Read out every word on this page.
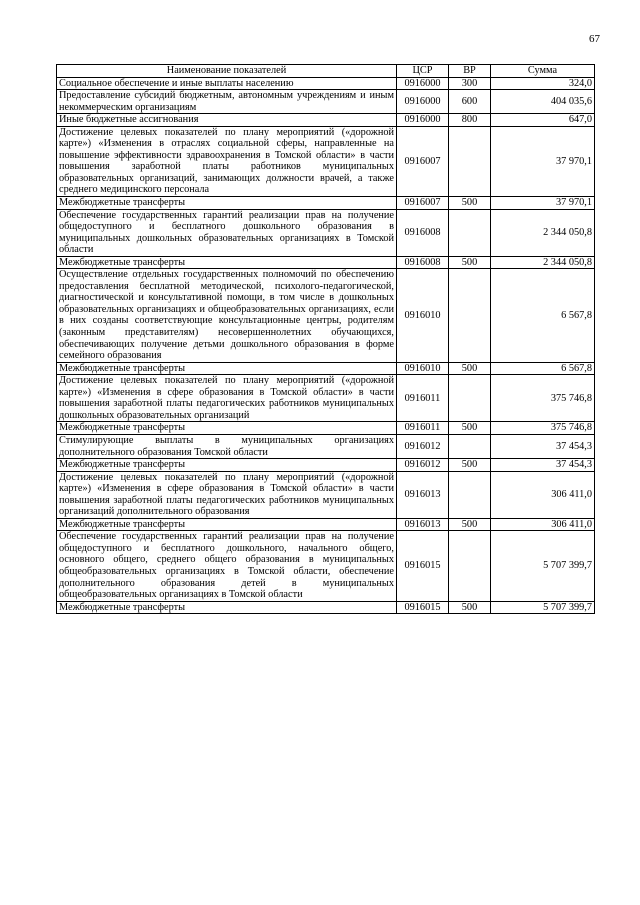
67
Наименование показателей	ЦСР	ВР	Сумма
Социальное обеспечение и иные выплаты населению	0916000	300	324,0
Предоставление субсидий бюджетным, автономным учреждениям и иным некоммерческим организациям	0916000	600	404 035,6
Иные бюджетные ассигнования	0916000	800	647,0
Достижение целевых показателей по плану мероприятий («дорожной карте») «Изменения в отраслях социальной сферы, направленные на повышение эффективности здравоохранения в Томской области» в части повышения заработной платы работников муниципальных образовательных организаций, занимающих должности врачей, а также среднего медицинского персонала	0916007		37 970,1
Межбюджетные трансферты	0916007	500	37 970,1
Обеспечение государственных гарантий реализации прав на получение общедоступного и бесплатного дошкольного образования в муниципальных дошкольных образовательных организациях в Томской области	0916008		2 344 050,8
Межбюджетные трансферты	0916008	500	2 344 050,8
Осуществление отдельных государственных полномочий по обеспечению предоставления бесплатной методической, психолого-педагогической, диагностической и консультативной помощи, в том числе в дошкольных образовательных организациях и общеобразовательных организациях, если в них созданы соответствующие консультационные центры, родителям (законным представителям) несовершеннолетних обучающихся, обеспечивающих получение детьми дошкольного образования в форме семейного образования	0916010		6 567,8
Межбюджетные трансферты	0916010	500	6 567,8
Достижение целевых показателей по плану мероприятий («дорожной карте») «Изменения в сфере образования в Томской области» в части повышения заработной платы педагогических работников муниципальных дошкольных образовательных организаций	0916011		375 746,8
Межбюджетные трансферты	0916011	500	375 746,8
Стимулирующие выплаты в муниципальных организациях дополнительного образования Томской области	0916012		37 454,3
Межбюджетные трансферты	0916012	500	37 454,3
Достижение целевых показателей по плану мероприятий («дорожной карте») «Изменения в сфере образования в Томской области» в части повышения заработной платы педагогических работников муниципальных организаций дополнительного образования	0916013		306 411,0
Межбюджетные трансферты	0916013	500	306 411,0
Обеспечение государственных гарантий реализации прав на получение общедоступного и бесплатного дошкольного, начального общего, основного общего, среднего общего образования в муниципальных общеобразовательных организациях в Томской области, обеспечение дополнительного образования детей в муниципальных общеобразовательных организациях в Томской области	0916015		5 707 399,7
Межбюджетные трансферты	0916015	500	5 707 399,7
